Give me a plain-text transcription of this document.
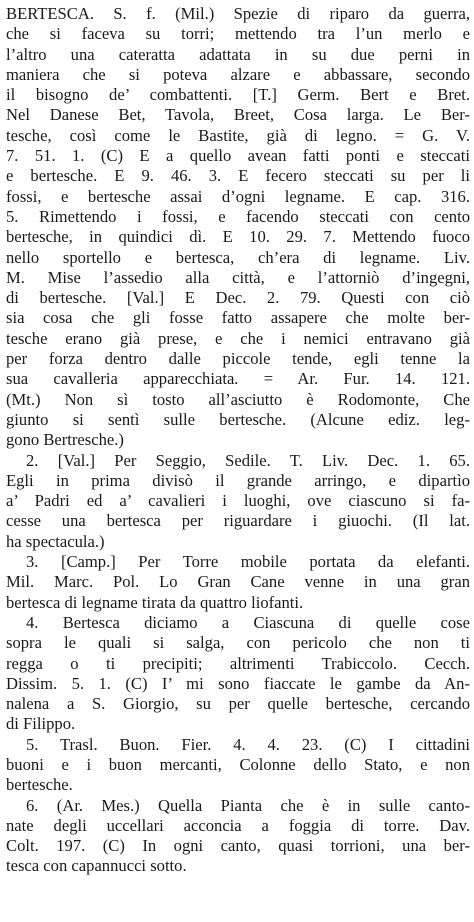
BERTESCA. S. f. (Mil.) Spezie di riparo da guerra,
che si faceva su torri; mettendo tra l’un merlo e
l’altro una cateratta adattata in su due perni in
maniera che si poteva alzare e abbassare, secondo
il bisogno de’ combattenti. [T.] Germ. Bert e Bret.
Nel Danese Bet, Tavola, Breet, Cosa larga. Le Ber-
tesche, così come le Bastite, già di legno. = G. V.
7. 51. 1. (C) E a quello avean fatti ponti e steccati
e bertesche. E 9. 46. 3. E fecero steccati su per li
fossi, e bertesche assai d’ogni legname. E cap. 316.
5. Rimettendo i fossi, e facendo steccati con cento
bertesche, in quindici dì. E 10. 29. 7. Mettendo fuoco
nello sportello e bertesca, ch’era di legname. Liv.
M. Mise l’assedio alla città, e l’attorniò d’ingegni,
di bertesche. [Val.] E Dec. 2. 79. Questi con ciò
sia cosa che gli fosse fatto assapere che molte ber-
tesche erano già prese, e che i nemici entravano già
per forza dentro dalle piccole tende, egli tenne la
sua cavalleria apparecchiata. = Ar. Fur. 14. 121.
(Mt.) Non sì tosto all’asciutto è Rodomonte, Che
giunto si sentì sulle bertesche. (Alcune ediz. leg-
gono Bertresche.)
2. [Val.] Per Seggio, Sedile. T. Liv. Dec. 1. 65.
Egli in prima divisò il grande arringo, e dipartìo
a’ Padri ed a’ cavalieri i luoghi, ove ciascuno si fa-
cesse una bertesca per riguardare i giuochi. (Il lat.
ha spectacula.)
3. [Camp.] Per Torre mobile portata da elefanti.
Mil. Marc. Pol. Lo Gran Cane venne in una gran
bertesca di legname tirata da quattro liofanti.
4. Bertesca diciamo a Ciascuna di quelle cose
sopra le quali si salga, con pericolo che non ti
regga o ti precipiti; altrimenti Trabiccolo. Cecch.
Dissim. 5. 1. (C) I’ mi sono fiaccate le gambe da An-
nalena a S. Giorgio, su per quelle bertesche, cercando
di Filippo.
5. Trasl. Buon. Fier. 4. 4. 23. (C) I cittadini
buoni e i buon mercanti, Colonne dello Stato, e non
bertesche.
6. (Ar. Mes.) Quella Pianta che è in sulle canto-
nate degli uccellari acconcia a foggia di torre. Dav.
Colt. 197. (C) In ogni canto, quasi torrioni, una ber-
tesca con capannucci sotto.
